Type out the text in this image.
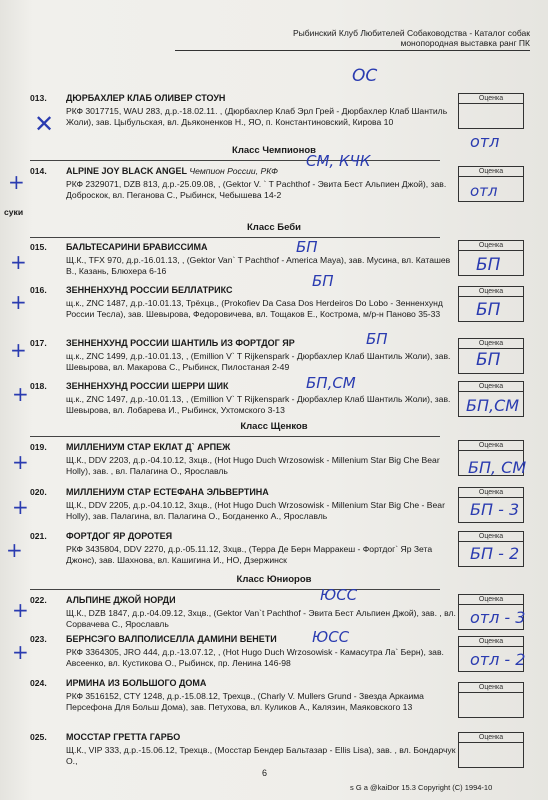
Рыбинский Клуб Любителей Собаководства - Каталог собак
монопородная выставка ранг ПК
013. ДЮРБАХЛЕР КЛАБ ОЛИВЕР СТОУН
РКФ 3017715, WAU 283, д.р.-18.02.11. , (Дюрбахлер Клаб Эрл Грей - Дюрбахлер Клаб Шантиль Жоли), зав. Цыбульская, вл. Дьяконенков Н., ЯО, п. Константиновский, Кирова 10
Оценка
ОС
отл
✕
Класс Чемпионов
014. ALPINE JOY BLACK ANGEL Чемпион России, РКФ
РКФ 2329071, DZB 813, д.р.-25.09.08, , (Gektor V. ` T Pachthof - Эвита Бест Альпиен Джой), зав. Доброскок, вл. Пеганова С., Рыбинск, Чебышева 14-2
Оценка
СМ, КЧК
отл
+
суки
Класс Беби
015. БАЛЬТЕСАРИНИ БРАВИССИМА
Щ.К., TFX 970, д.р.-16.01.13, , (Gektor Van` T Pachthof - America Maya), зав. Мусина, вл. Каташев В., Казань, Блюхера 6-16
Оценка
БП
БП
+
016. ЗЕННЕНХУНД РОССИИ БЕЛЛАТРИКС
щ.к., ZNC 1487, д.р.-10.01.13, Трёхцв., (Prokofiev Da Casa Dos Herdeiros Do Lobo - Зенненхунд России Тесла), зав. Шевырова, Федоровичева, вл. Тощаков Е., Кострома, м/р-н Паново 35-33
Оценка
БП
БП
+
017. ЗЕННЕНХУНД РОССИИ ШАНТИЛЬ ИЗ ФОРТДОГ ЯР
щ.к., ZNC 1499, д.р.-10.01.13, , (Emillion V` T Rijkenspark - Дюрбахлер Клаб Шантиль Жоли), зав. Шевырова, вл. Макарова С., Рыбинск, Пилостаная 2-49
Оценка
БП
БП
+
018. ЗЕННЕНХУНД РОССИИ ШЕРРИ ШИК
щ.к., ZNC 1497, д.р.-10.01.13, , (Emillion V` T Rijkenspark - Дюрбахлер Клаб Шантиль Жоли), зав. Шевырова, вл. Лобарева И., Рыбинск, Ухтомского 3-13
Оценка
БП,СМ
БП,СМ
+
Класс Щенков
019. МИЛЛЕНИУМ СТАР ЕКЛАТ Д` АРПЕЖ
Щ.К., DDV 2203, д.р.-04.10.12, 3хцв., (Hot Hugo Duch Wrzosowisk - Millenium Star Big Che Bear Holly), зав. , вл. Палагина О., Ярославль
Оценка
БП, СМ
+
020. МИЛЛЕНИУМ СТАР ЕСТЕФАНА ЭЛЬВЕРТИНА
Щ.К., DDV 2205, д.р.-04.10.12, 3хцв., (Hot Hugo Duch Wrzosowisk - Millenium Star Big Che - Bear Holly), зав. Палагина, вл. Палагина О., Богданенко А., Ярославль
Оценка
БП - 3
+
021. ФОРТДОГ ЯР ДОРОТЕЯ
РКФ 3435804, DDV 2270, д.р.-05.11.12, 3хцв., (Терра Де Берн Марракеш - Фортдог` Яр Зета Джонс), зав. Шахнова, вл. Кашигина И., НО, Дзержинск
Оценка
БП - 2
+
Класс Юниоров
022. АЛЬПИНЕ ДЖОЙ НОРДИ
Щ.К., DZB 1847, д.р.-04.09.12, 3хцв., (Gektor Van`t Pachthof - Эвита Бест Альпиен Джой), зав. , вл. Сорвачева С., Ярославль
Оценка
ЮСС
отл - 3
+
023. БЕРНСЭГО ВАЛПОЛИСЕЛЛА ДАМИНИ ВЕНЕТИ
РКФ 3364305, JRO 444, д.р.-13.07.12, , (Hot Hugo Duch Wrzosowisk - Камасутра Ла` Берн), зав. Авсеенко, вл. Кустикова О., Рыбинск, пр. Ленина 146-98
Оценка
ЮСС
отл - 2
+
024. ИРМИНА ИЗ БОЛЬШОГО ДОМА
РКФ 3516152, CTY 1248, д.р.-15.08.12, Трехцв., (Charly V. Mullers Grund - Звезда Аркаима Персефона Для Больш Дома), зав. Петухова, вл. Куликов А., Калязин, Маяковского 13
Оценка
025. МОССТАР ГРЕТТА ГАРБО
Щ.К., VIP 333, д.р.-15.06.12, Трехцв., (Мосстар Бендер Бальтазар - Ellis Lisa), зав. , вл. Бондарчук О.,
Оценка
6
s G a @kaiDor 15.3 Copyright (C) 1994-10
